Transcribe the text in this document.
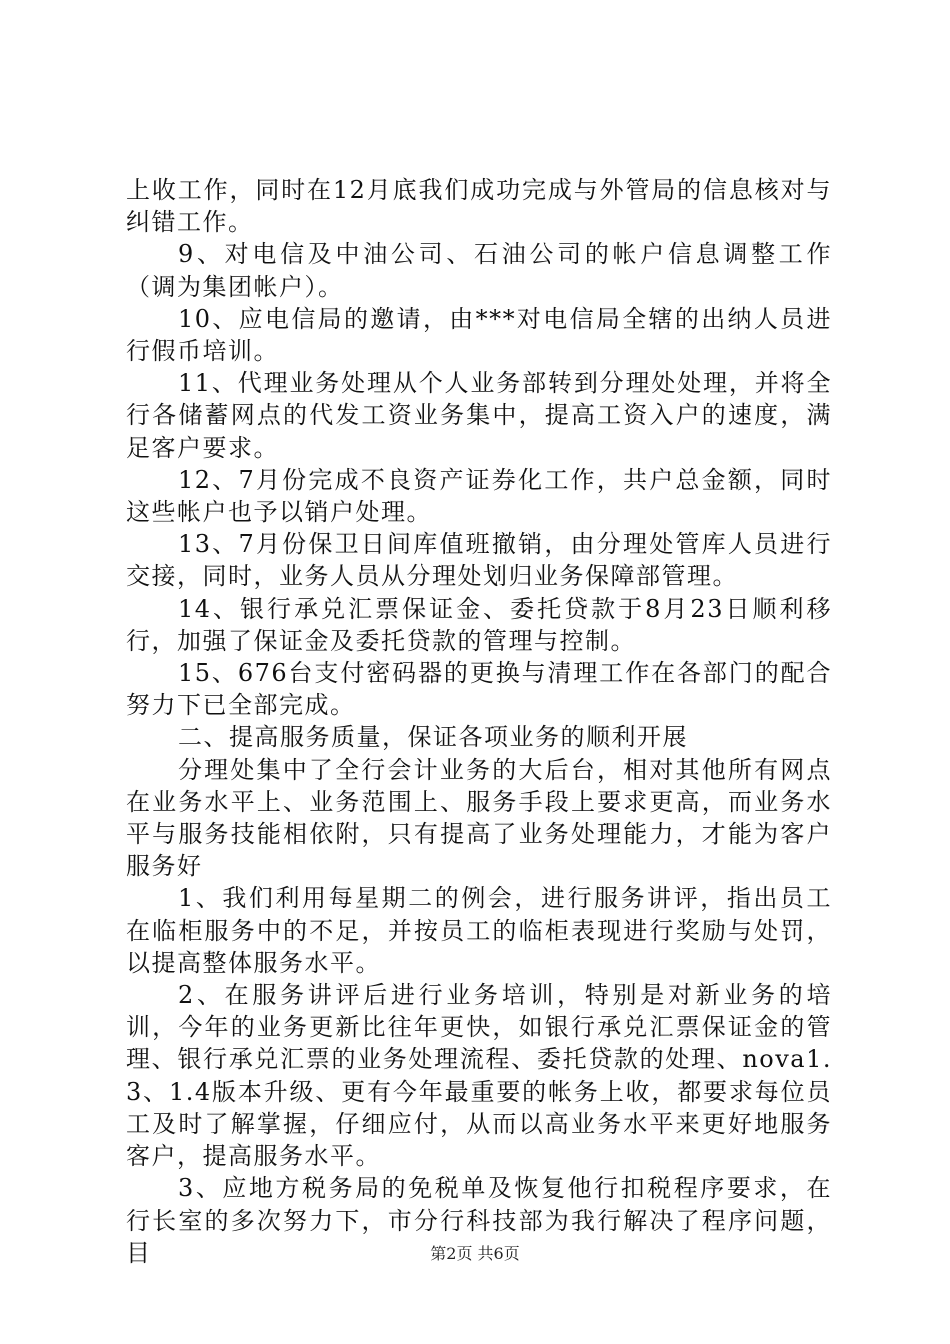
上收工作，同时在12月底我们成功完成与外管局的信息核对与纠错工作。

9、对电信及中油公司、石油公司的帐户信息调整工作（调为集团帐户）。

10、应电信局的邀请，由***对电信局全辖的出纳人员进行假币培训。

11、代理业务处理从个人业务部转到分理处处理，并将全行各储蓄网点的代发工资业务集中，提高工资入户的速度，满足客户要求。

12、7月份完成不良资产证券化工作，共户总金额，同时这些帐户也予以销户处理。

13、7月份保卫日间库值班撤销，由分理处管库人员进行交接，同时，业务人员从分理处划归业务保障部管理。

14、银行承兑汇票保证金、委托贷款于8月23日顺利移行，加强了保证金及委托贷款的管理与控制。

15、676台支付密码器的更换与清理工作在各部门的配合努力下已全部完成。

二、提高服务质量，保证各项业务的顺利开展

分理处集中了全行会计业务的大后台，相对其他所有网点在业务水平上、业务范围上、服务手段上要求更高，而业务水平与服务技能相依附，只有提高了业务处理能力，才能为客户服务好

1、我们利用每星期二的例会，进行服务讲评，指出员工在临柜服务中的不足，并按员工的临柜表现进行奖励与处罚，以提高整体服务水平。

2、在服务讲评后进行业务培训，特别是对新业务的培训，今年的业务更新比往年更快，如银行承兑汇票保证金的管理、银行承兑汇票的业务处理流程、委托贷款的处理、nova1.3、1.4版本升级、更有今年最重要的帐务上收，都要求每位员工及时了解掌握，仔细应付，从而以高业务水平来更好地服务客户，提高服务水平。

3、应地方税务局的免税单及恢复他行扣税程序要求，在行长室的多次努力下，市分行科技部为我行解决了程序问题，目	第2页 共6页
